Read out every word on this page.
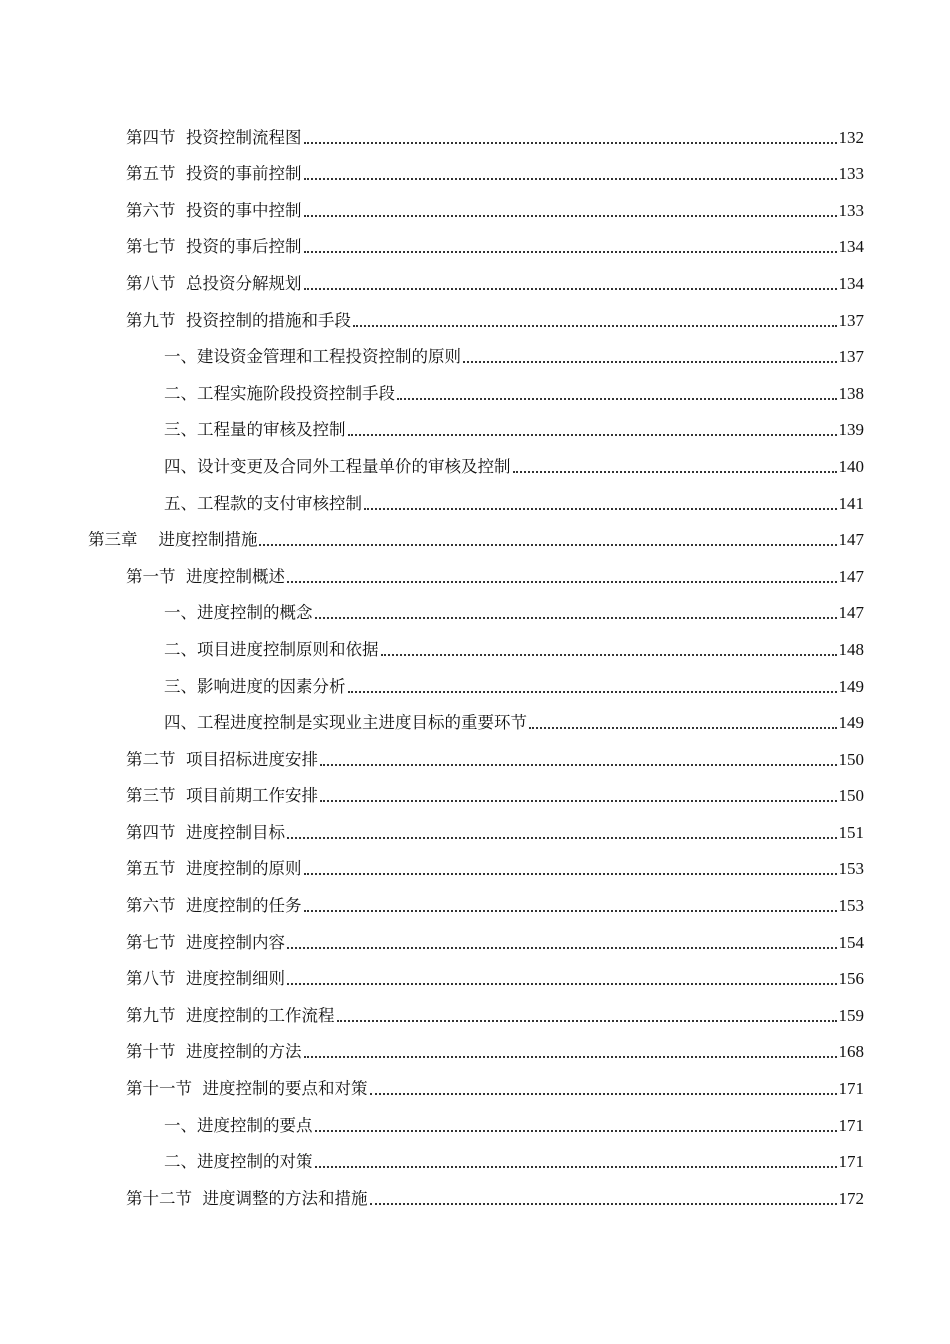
第四节  投资控制流程图	132
第五节  投资的事前控制	133
第六节  投资的事中控制	133
第七节  投资的事后控制	134
第八节  总投资分解规划	134
第九节  投资控制的措施和手段	137
一、建设资金管理和工程投资控制的原则	137
二、工程实施阶段投资控制手段	138
三、工程量的审核及控制	139
四、设计变更及合同外工程量单价的审核及控制	140
五、工程款的支付审核控制	141
第三章    进度控制措施	147
第一节  进度控制概述	147
一、进度控制的概念	147
二、项目进度控制原则和依据	148
三、影响进度的因素分析	149
四、工程进度控制是实现业主进度目标的重要环节	149
第二节  项目招标进度安排	150
第三节  项目前期工作安排	150
第四节  进度控制目标	151
第五节  进度控制的原则	153
第六节  进度控制的任务	153
第七节  进度控制内容	154
第八节  进度控制细则	156
第九节  进度控制的工作流程	159
第十节  进度控制的方法	168
第十一节  进度控制的要点和对策	171
一、进度控制的要点	171
二、进度控制的对策	171
第十二节  进度调整的方法和措施	172
